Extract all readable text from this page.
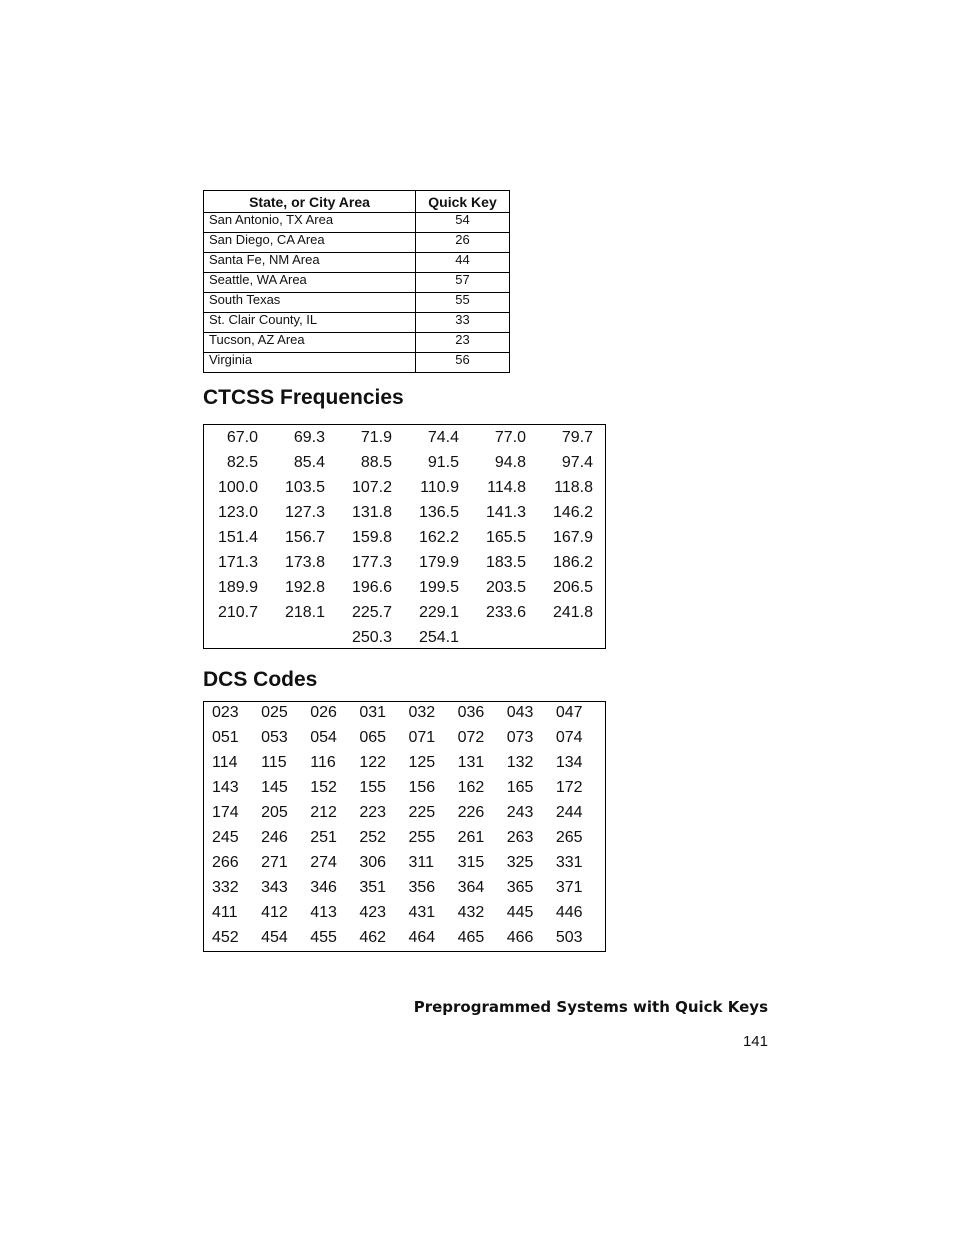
State, or City Area	Quick Key
San Antonio, TX Area	54
San Diego, CA Area	26
Santa Fe, NM Area	44
Seattle, WA Area	57
South Texas	55
St. Clair County, IL	33
Tucson, AZ Area	23
Virginia	56
CTCSS Frequencies
67.0	69.3	71.9	74.4	77.0	79.7
82.5	85.4	88.5	91.5	94.8	97.4
100.0	103.5	107.2	110.9	114.8	118.8
123.0	127.3	131.8	136.5	141.3	146.2
151.4	156.7	159.8	162.2	165.5	167.9
171.3	173.8	177.3	179.9	183.5	186.2
189.9	192.8	196.6	199.5	203.5	206.5
210.7	218.1	225.7	229.1	233.6	241.8
		250.3	254.1		
DCS Codes
023	025	026	031	032	036	043	047
051	053	054	065	071	072	073	074
114	115	116	122	125	131	132	134
143	145	152	155	156	162	165	172
174	205	212	223	225	226	243	244
245	246	251	252	255	261	263	265
266	271	274	306	311	315	325	331
332	343	346	351	356	364	365	371
411	412	413	423	431	432	445	446
452	454	455	462	464	465	466	503

Preprogrammed Systems with Quick Keys

141
